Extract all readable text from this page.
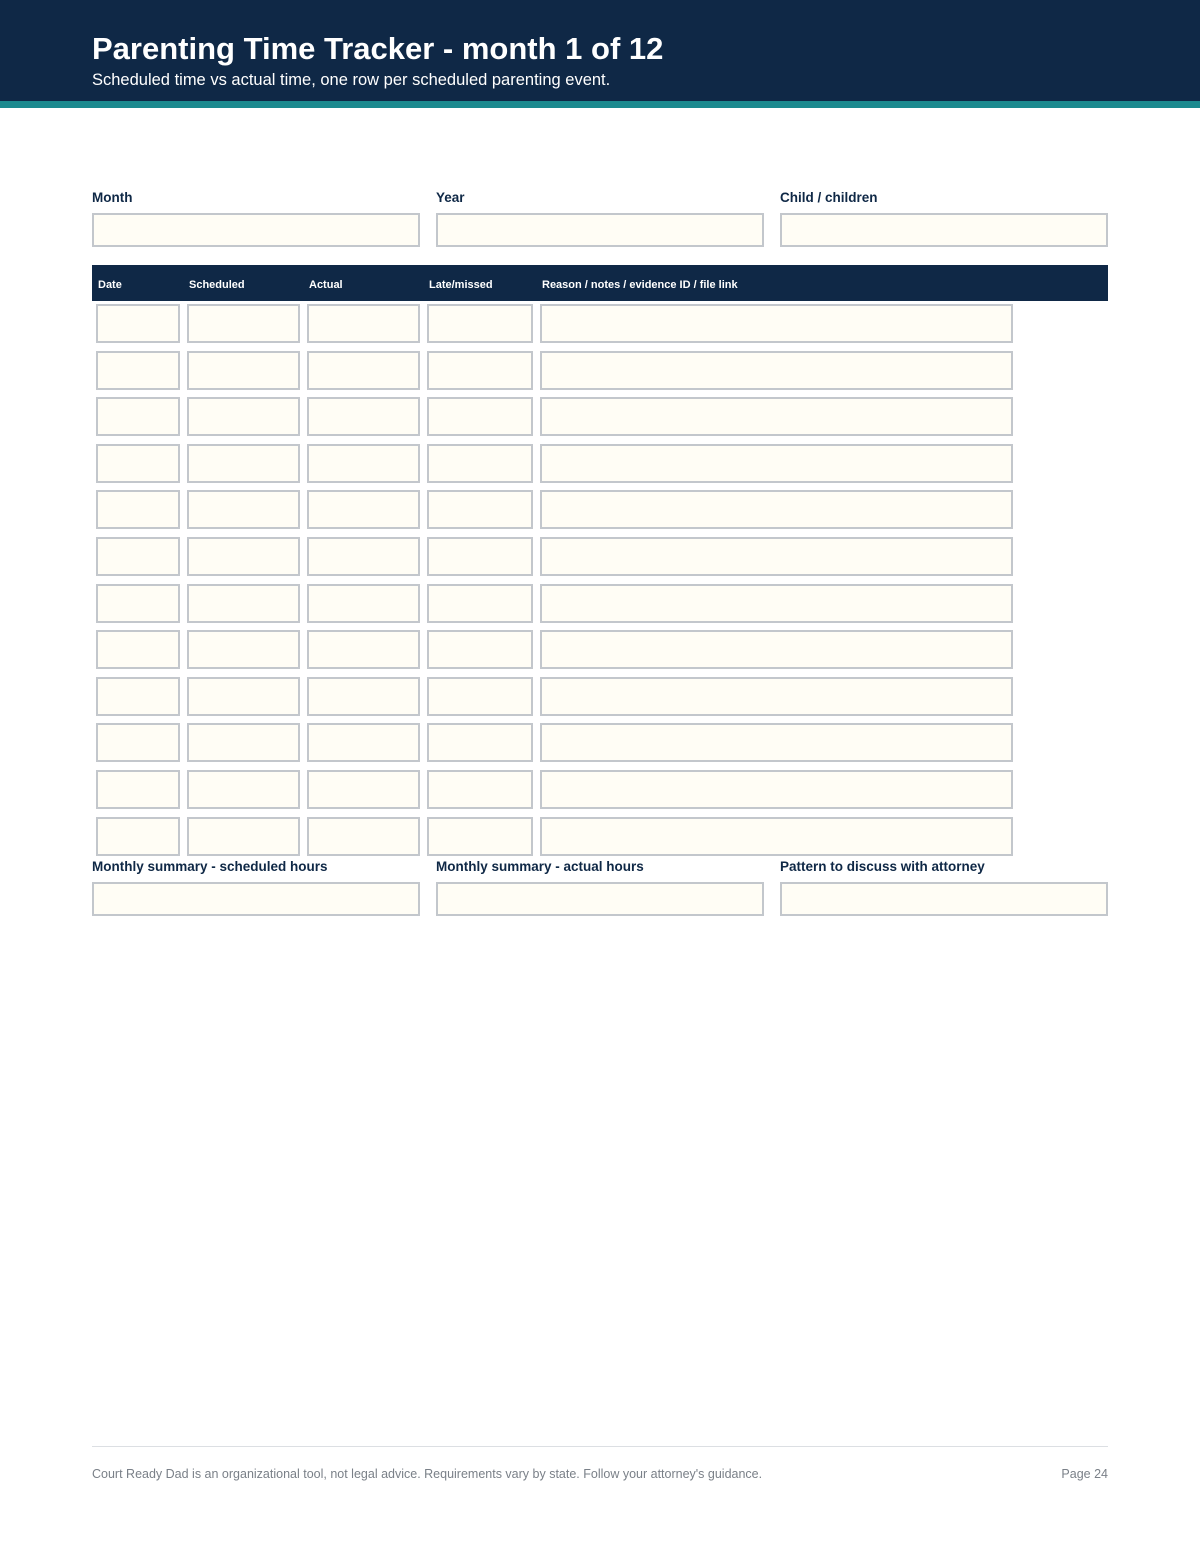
Parenting Time Tracker - month 1 of 12

Scheduled time vs actual time, one row per scheduled parenting event.

Month	Year	Child / children
Date	Scheduled	Actual	Late/missed	Reason / notes / evidence ID / file link
Monthly summary - scheduled hours	Monthly summary - actual hours	Pattern to discuss with attorney
Court Ready Dad is an organizational tool, not legal advice. Requirements vary by state. Follow your attorney's guidance.	Page 24
